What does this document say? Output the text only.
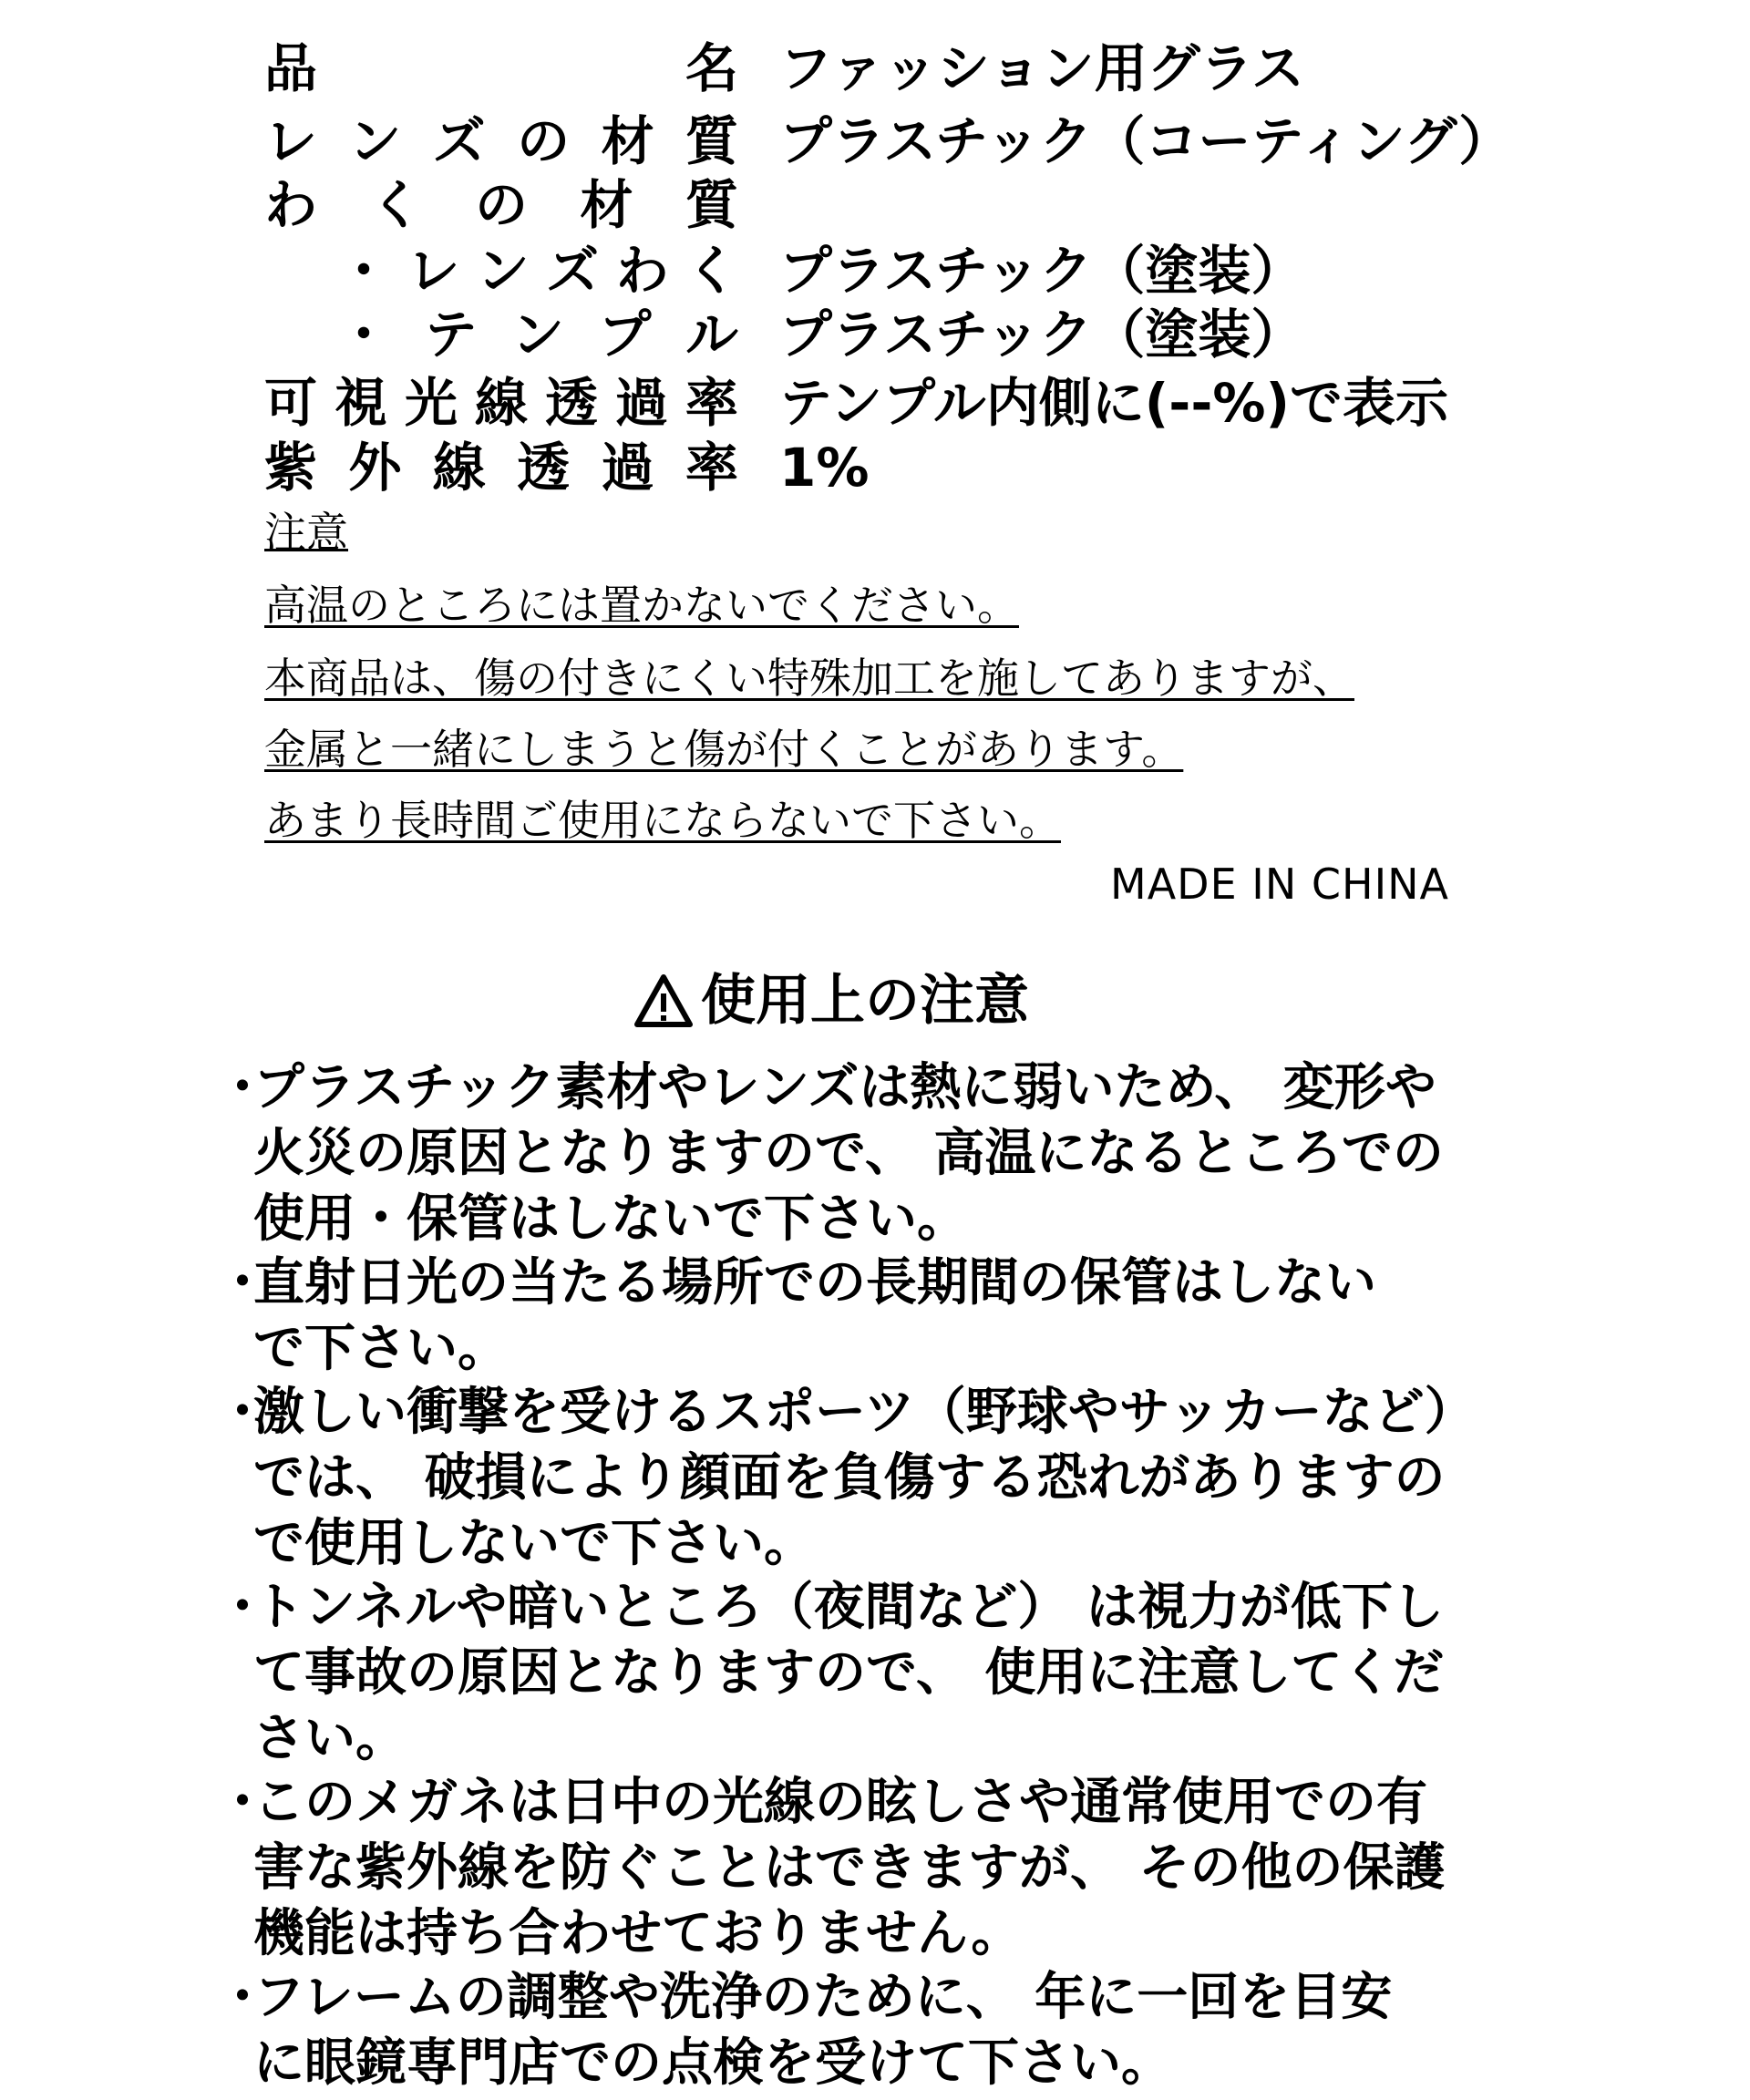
品	名 ファッション用グラス
レ ン ズ の 材 質 プラスチック（コーティング）
わ く の 材 質
・ レ ン ズ わ く プラスチック（塗装）
・ テ ン プ ル プラスチック（塗装）
可 視 光 線 透 過 率 テンプル内側に(--%)で表示
紫 外 線 透 過 率 1%
注意
高温のところには置かないでください。
本商品は、傷の付きにくい特殊加工を施してありますが、
金属と一緒にしまうと傷が付くことがあります。
あまり長時間ご使用にならないで下さい。
MADE IN CHINA
使用上の注意
・
プラスチック素材やレンズは熱に弱いため、 変形や
火災の原因となりますので、 高温になるところでの
使用・保管はしないで下さい。
・
直射日光の当たる場所での長期間の保管はしない
で下さい。
・
激しい衝撃を受けるスポーツ（野球やサッカーなど）
では、 破損により顔面を負傷する恐れがありますの
で使用しないで下さい。
・
トンネルや暗いところ（夜間など） は視力が低下し
て事故の原因となりますので、 使用に注意してくだ
さい。
・
このメガネは日中の光線の眩しさや通常使用での有
害な紫外線を防ぐことはできますが、 その他の保護
機能は持ち合わせておりません。
・
フレームの調整や洗浄のために、 年に一回を目安
に眼鏡専門店での点検を受けて下さい。
